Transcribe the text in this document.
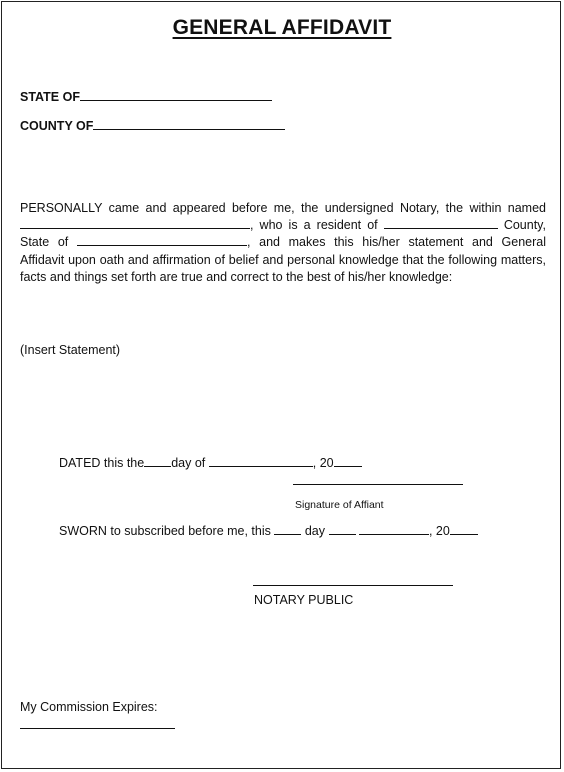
GENERAL AFFIDAVIT
STATE OF
COUNTY OF
PERSONALLY came and appeared before me, the undersigned Notary, the within named, who is a resident of	County, State of	, and makes this his/her statement and General Affidavit upon oath and affirmation of belief and personal knowledge that the following matters, facts and things set forth are true and correct to the best of his/her knowledge:
(Insert Statement)
DATED this the day of	, 20
Signature of Affiant
SWORN to subscribed before me, this	day	, 20
NOTARY PUBLIC
My Commission Expires:
